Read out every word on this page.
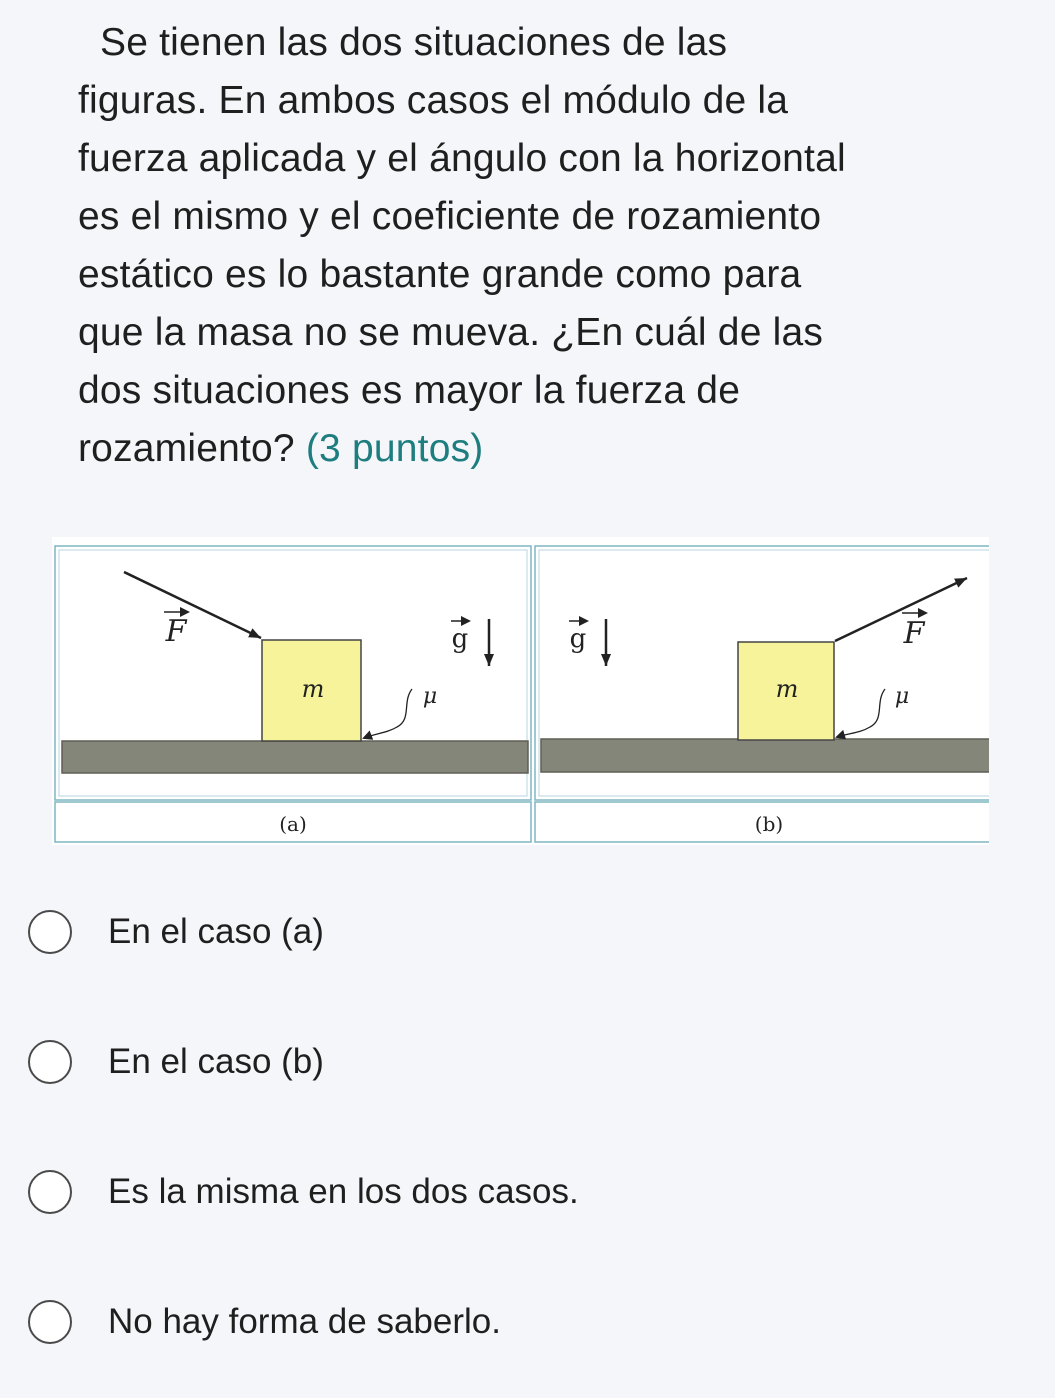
Se tienen las dos situaciones de las
figuras. En ambos casos el módulo de la
fuerza aplicada y el ángulo con la horizontal
es el mismo y el coeficiente de rozamiento
estático es lo bastante grande como para
que la masa no se mueva. ¿En cuál de las
dos situaciones es mayor la fuerza de
rozamiento? (3 puntos)
m
F	g
μ
(a)
m
F
g
μ
(b)
En el caso (a)
En el caso (b)
Es la misma en los dos casos.
No hay forma de saberlo.
